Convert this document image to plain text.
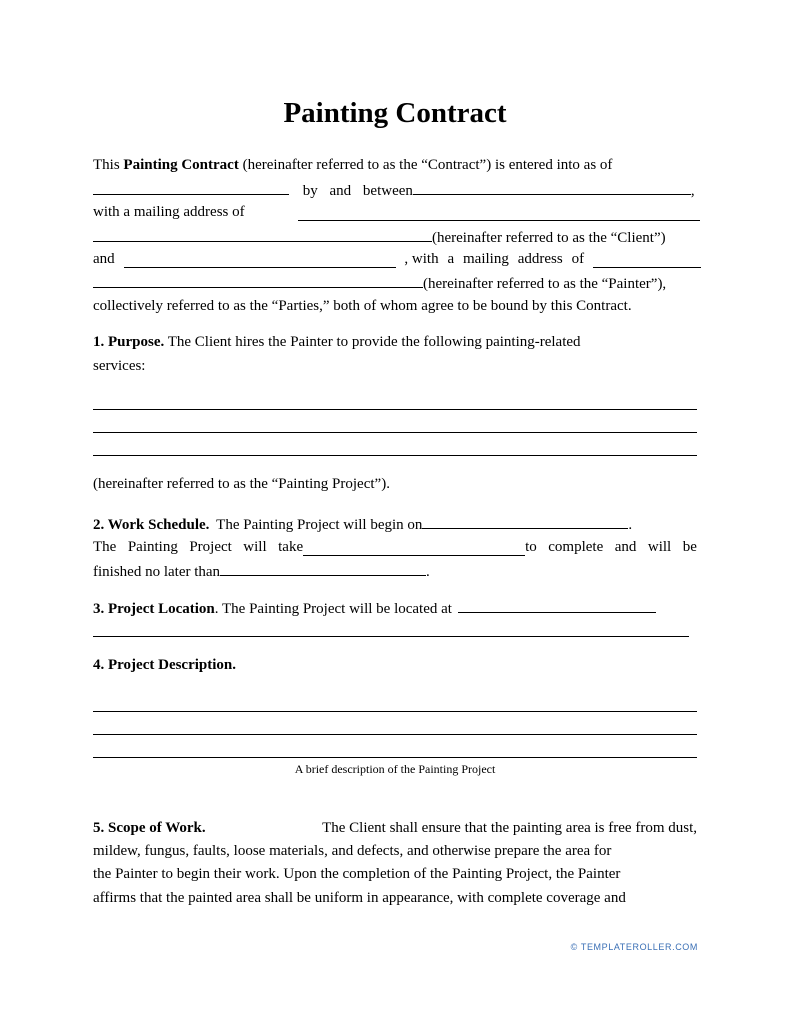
Painting Contract
This Painting Contract (hereinafter referred to as the “Contract”) is entered into as of
by and between	,
with a mailing address of
(hereinafter referred to as the “Client”)
and	, with a mailing address of
(hereinafter referred to as the “Painter”),
collectively referred to as the “Parties,” both of whom agree to be bound by this Contract.
1. Purpose. The Client hires the Painter to provide the following painting-related
services:
(hereinafter referred to as the “Painting Project”).
2. Work Schedule. The Painting Project will begin on	.
The Painting Project will take	to complete and will be
finished no later than	.
3. Project Location. The Painting Project will be located at
4. Project Description.
A brief description of the Painting Project
5. Scope of Work.	The Client shall ensure that the painting area is free from dust,
mildew, fungus, faults, loose materials, and defects, and otherwise prepare the area for
the Painter to begin their work. Upon the completion of the Painting Project, the Painter
affirms that the painted area shall be uniform in appearance, with complete coverage and
© TEMPLATEROLLER.COM
